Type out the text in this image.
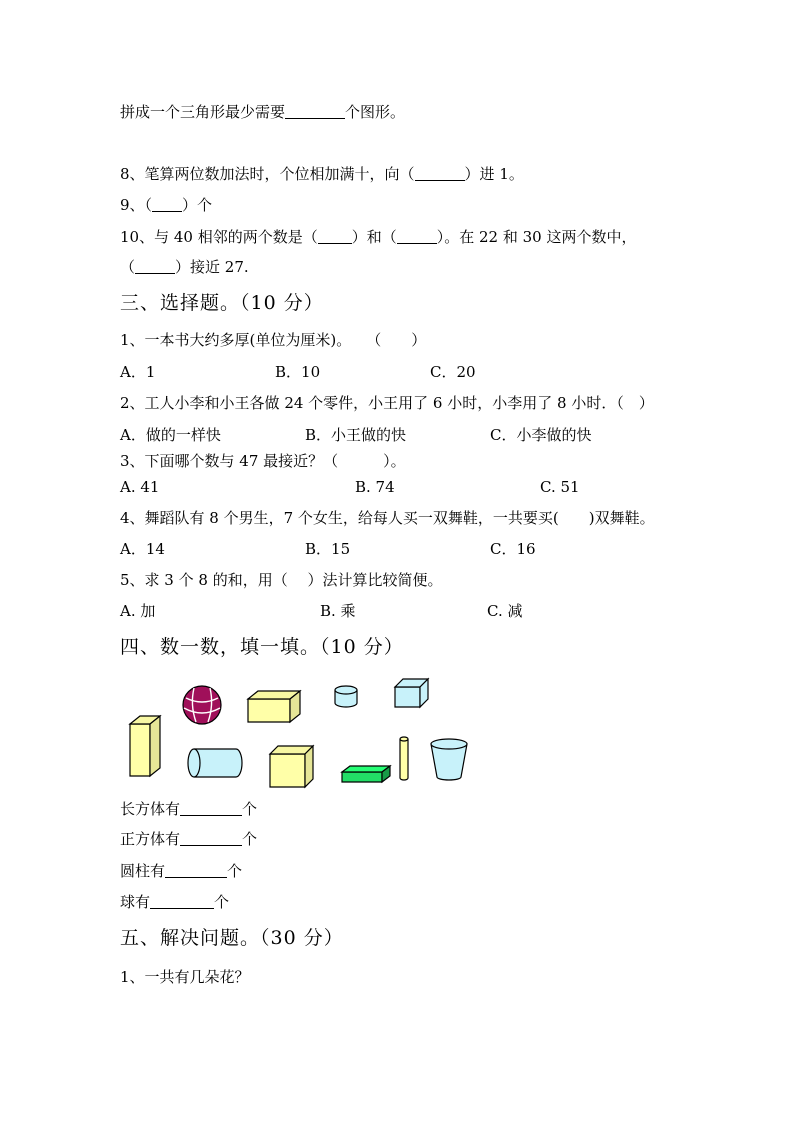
拼成一个三角形最少需要	个图形。
8、笔算两位数加法时，个位相加满十，向（	）进 1。
9、（ ）个
10、与 40 相邻的两个数是（ ）和（	）。在 22 和 30 这两个数中，
（	）接近 27.
三、选择题。（10 分）
1、一本书大约多厚(单位为厘米)。　　（　　）
A．1	B．10	C．20
2、工人小李和小王各做 24 个零件，小王用了 6 小时，小李用了 8 小时．（　）
A．做的一样快	B．小王做的快	C．小李做的快
3、下面哪个数与 47 最接近？（　　　）。
A. 41	B. 74	C. 51
4、舞蹈队有 8 个男生，7 个女生，给每人买一双舞鞋，一共要买(　　)双舞鞋。
A．14	B．15	C．16
5、求 3 个 8 的和，用（　 ）法计算比较简便。
A. 加	B. 乘	C. 减
四、数一数，填一填。（10 分）
长方体有	个
正方体有	个
圆柱有	个
球有	个
五、解决问题。（30 分）
1、一共有几朵花？
